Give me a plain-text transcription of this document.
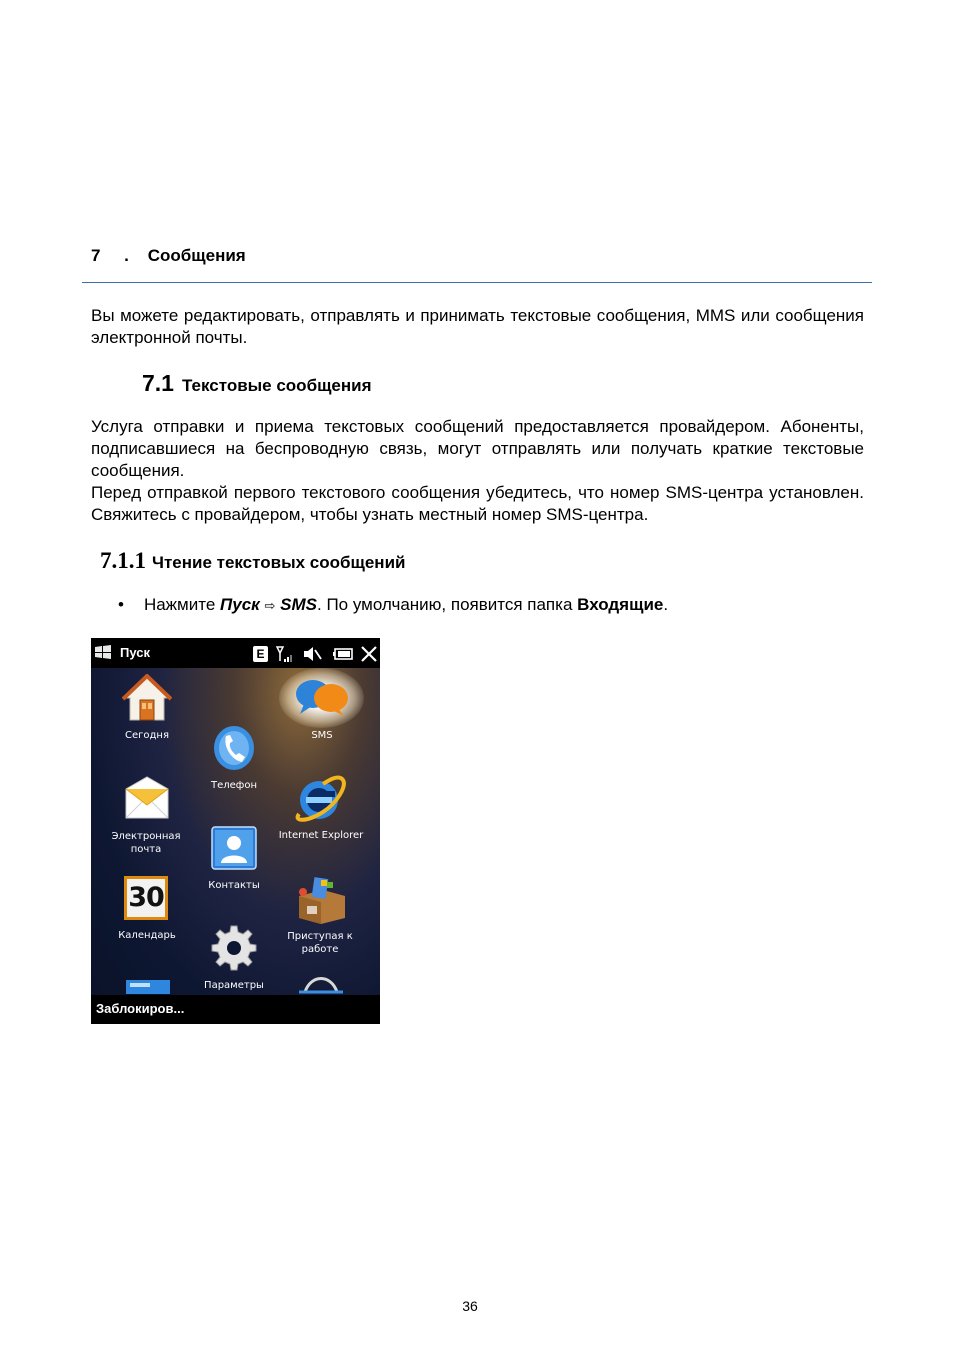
7 . Сообщения
Вы можете редактировать, отправлять и принимать текстовые сообщения, MMS или сообщения электронной почты.
7.1 Текстовые сообщения
Услуга отправки и приема текстовых сообщений предоставляется провайдером. Абоненты, подписавшиеся на беспроводную связь, могут отправлять или получать краткие текстовые сообщения.
Перед отправкой первого текстового сообщения убедитесь, что номер SMS-центра установлен. Свяжитесь с провайдером, чтобы узнать местный номер SMS-центра.
7.1.1 Чтение текстовых сообщений
• Нажмите Пуск ⇨ SMS. По умолчанию, появится папка Входящие.
Пуск	E
Сегодня	SMS
Телефон
Электронная почта
Internet Explorer
Контакты
30
Календарь	Приступая к работе
Параметры
Заблокиров...
36
